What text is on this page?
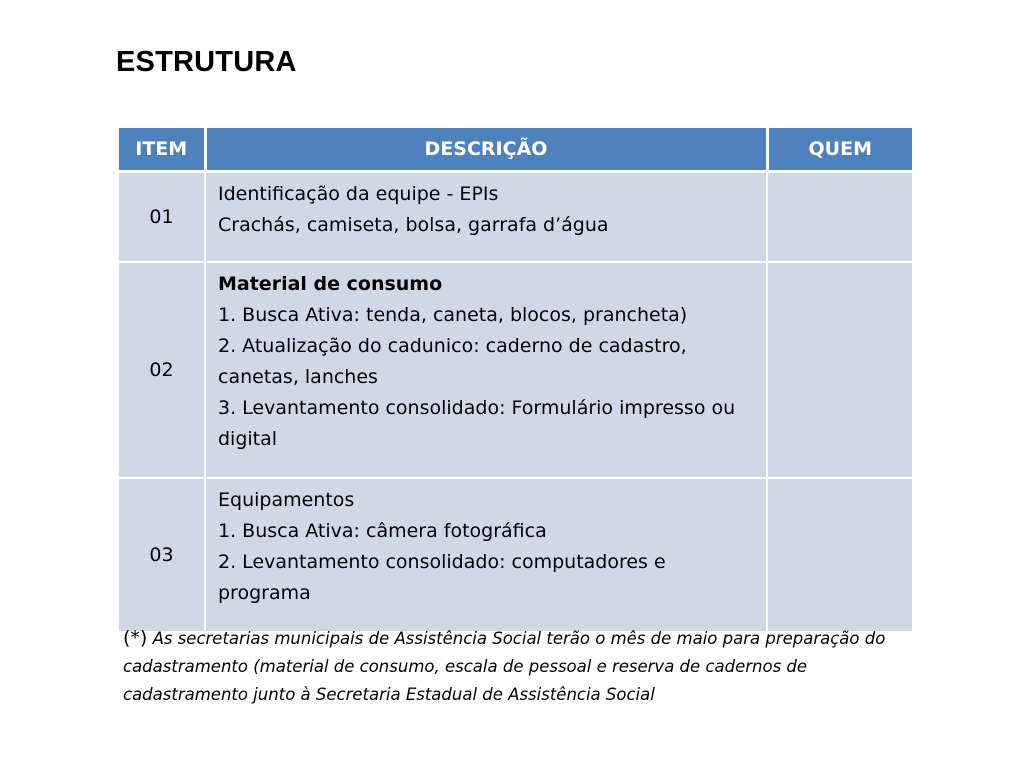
ESTRUTURA
ITEM	DESCRIÇÃO	QUEM
01	Identificação da equipe - EPIs
Crachás, camiseta, bolsa, garrafa d’água	

02	Material de consumo
1. Busca Ativa: tenda, caneta, blocos, prancheta)
2. Atualização do cadunico: caderno de cadastro, canetas, lanches
3. Levantamento consolidado: Formulário impresso ou digital	

03	Equipamentos
1. Busca Ativa: câmera fotográfica
2. Levantamento consolidado: computadores e programa	

(*) As secretarias municipais de Assistência Social terão o mês de maio para preparação do cadastramento (material de consumo, escala de pessoal e reserva de cadernos de cadastramento junto à Secretaria Estadual de Assistência Social
